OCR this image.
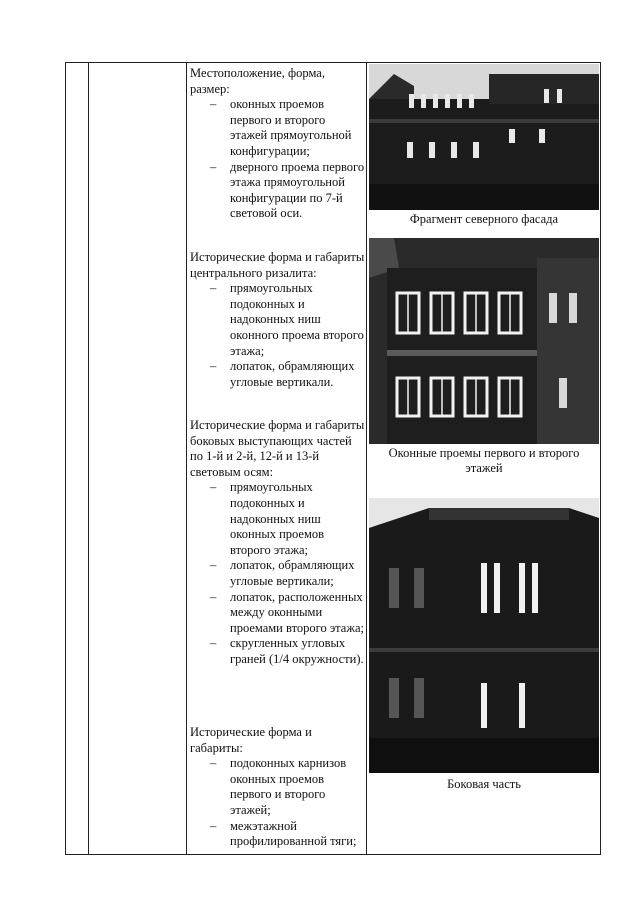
Местоположение, форма, размер:

– оконных проемов первого и второго этажей прямоугольной конфигурации;
– дверного проема первого этажа прямоугольной конфигурации по 7-й световой оси.

Исторические форма и габариты центрального ризалита:

– прямоугольных подоконных и надоконных ниш оконного проема второго этажа;
– лопаток, обрамляющих угловые вертикали.

Исторические форма и габариты боковых выступающих частей по 1-й и 2-й, 12-й и 13-й световым осям:

– прямоугольных подоконных и надоконных ниш оконных проемов второго этажа;
– лопаток, обрамляющих угловые вертикали;
– лопаток, расположенных между оконными проемами второго этажа;
– скругленных угловых граней (1/4 окружности).

Исторические форма и габариты:

– подоконных карнизов оконных проемов первого и второго этажей;
– межэтажной профилированной тяги;
Фрагмент северного фасада
Оконные проемы первого и второго этажей
Боковая часть
